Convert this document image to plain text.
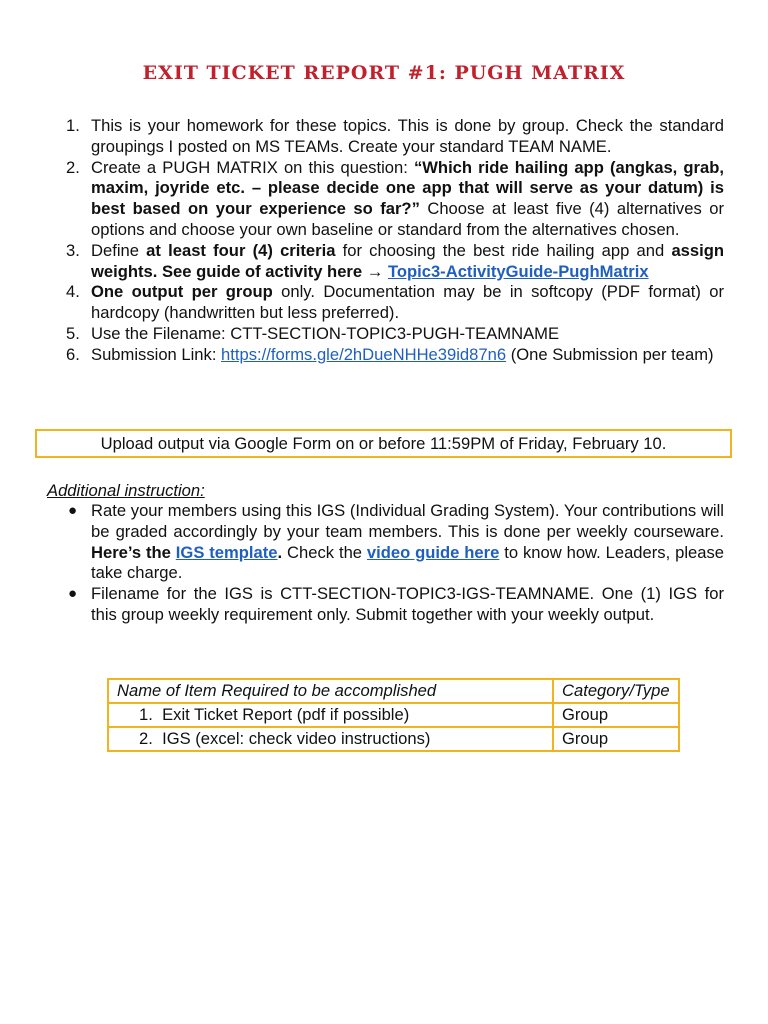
EXIT TICKET REPORT #1: PUGH MATRIX
1. This is your homework for these topics. This is done by group. Check the standard groupings I posted on MS TEAMs. Create your standard TEAM NAME.
2. Create a PUGH MATRIX on this question: “Which ride hailing app (angkas, grab, maxim, joyride etc. – please decide one app that will serve as your datum) is best based on your experience so far?” Choose at least five (4) alternatives or options and choose your own baseline or standard from the alternatives chosen.
3. Define at least four (4) criteria for choosing the best ride hailing app and assign weights. See guide of activity here → Topic3-ActivityGuide-PughMatrix
4. One output per group only. Documentation may be in softcopy (PDF format) or hardcopy (handwritten but less preferred).
5. Use the Filename: CTT-SECTION-TOPIC3-PUGH-TEAMNAME
6. Submission Link: https://forms.gle/2hDueNHHe39id87n6 (One Submission per team)
Upload output via Google Form on or before 11:59PM of Friday, February 10.
Additional instruction:
● Rate your members using this IGS (Individual Grading System). Your contributions will be graded accordingly by your team members. This is done per weekly courseware. Here’s the IGS template. Check the video guide here to know how. Leaders, please take charge.
● Filename for the IGS is CTT-SECTION-TOPIC3-IGS-TEAMNAME. One (1) IGS for this group weekly requirement only. Submit together with your weekly output.
Name of Item Required to be accomplished	Category/Type
1. Exit Ticket Report (pdf if possible)	Group
2. IGS (excel: check video instructions)	Group
